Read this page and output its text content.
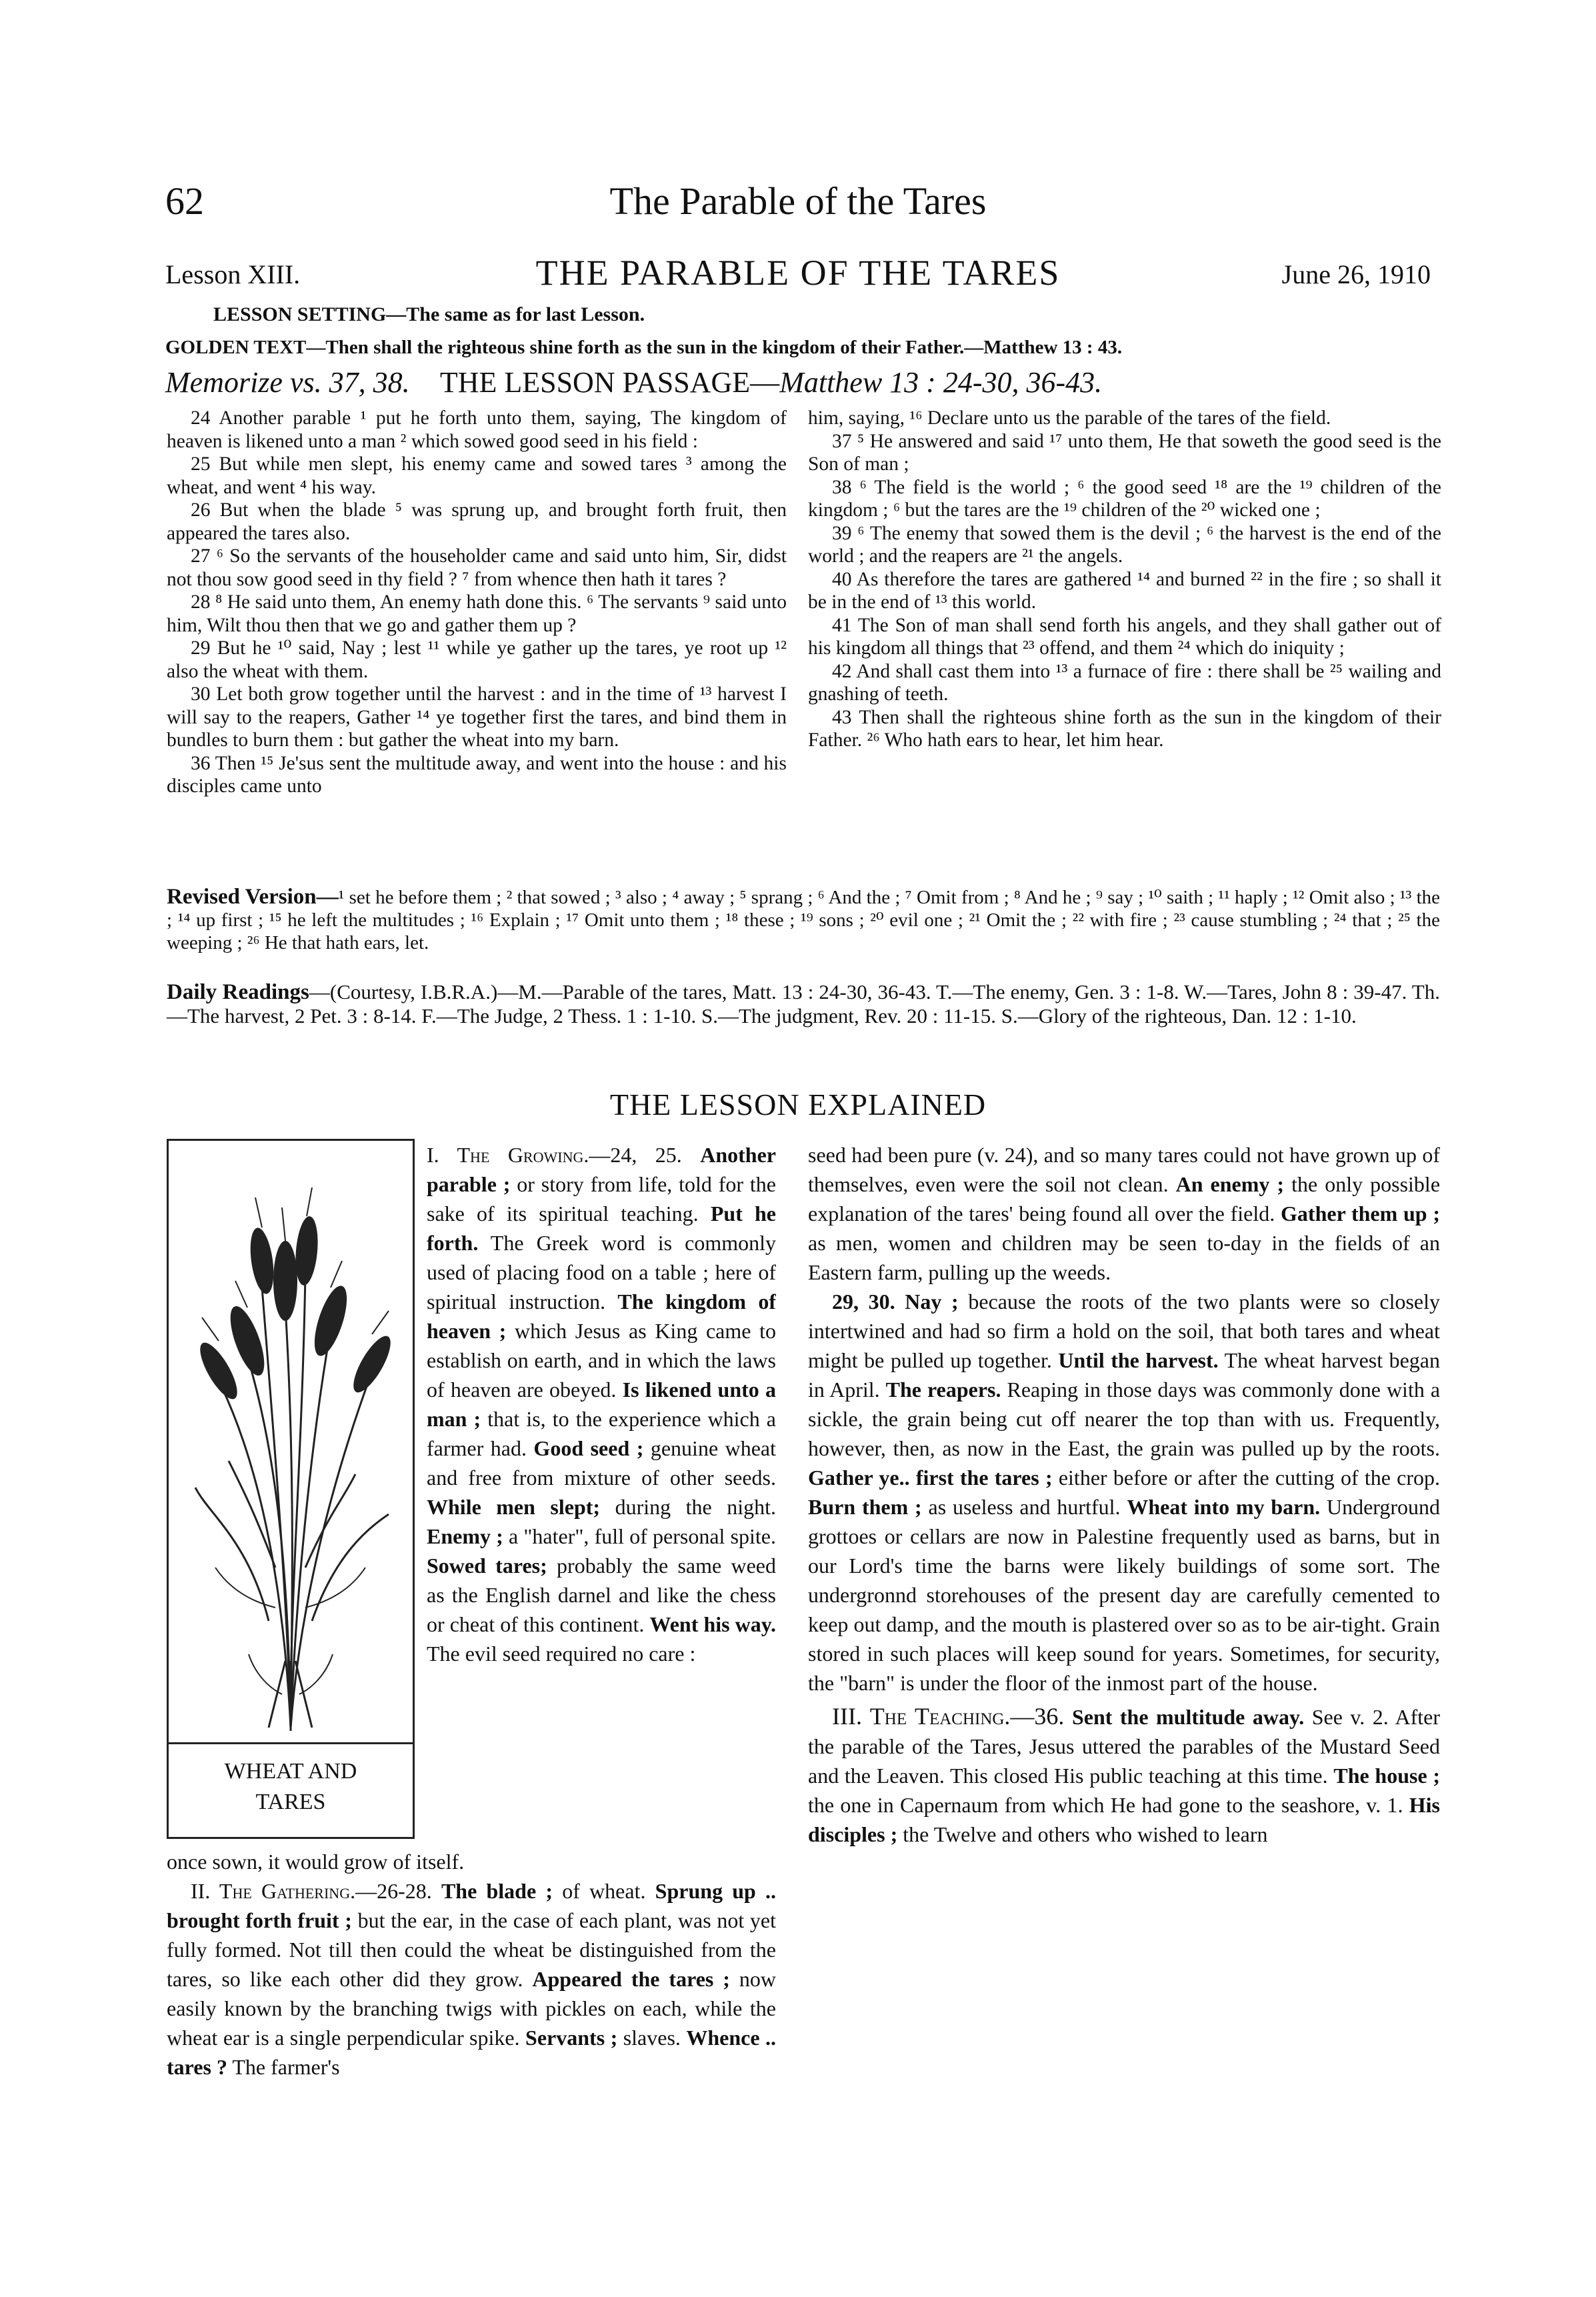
62	The Parable of the Tares
Lesson XIII.	THE PARABLE OF THE TARES	June 26, 1910
LESSON SETTING—The same as for last Lesson.
GOLDEN TEXT—Then shall the righteous shine forth as the sun in the kingdom of their Father.—Matthew 13 : 43.
Memorize vs. 37, 38. THE LESSON PASSAGE—Matthew 13 : 24-30, 36-43.

24 Another parable ¹ put he forth unto them, saying, The kingdom of heaven is likened unto a man ² which sowed good seed in his field :

25 But while men slept, his enemy came and sowed tares ³ among the wheat, and went ⁴ his way.

26 But when the blade ⁵ was sprung up, and brought forth fruit, then appeared the tares also.

27 ⁶ So the servants of the householder came and said unto him, Sir, didst not thou sow good seed in thy field ? ⁷ from whence then hath it tares ?

28 ⁸ He said unto them, An enemy hath done this. ⁶ The servants ⁹ said unto him, Wilt thou then that we go and gather them up ?

29 But he ¹⁰ said, Nay ; lest ¹¹ while ye gather up the tares, ye root up ¹² also the wheat with them.

30 Let both grow together until the harvest : and in the time of ¹³ harvest I will say to the reapers, Gather ¹⁴ ye together first the tares, and bind them in bundles to burn them : but gather the wheat into my barn.

36 Then ¹⁵ Je'sus sent the multitude away, and went into the house : and his disciples came unto

him, saying, ¹⁶ Declare unto us the parable of the tares of the field.

37 ⁵ He answered and said ¹⁷ unto them, He that soweth the good seed is the Son of man ;

38 ⁶ The field is the world ; ⁶ the good seed ¹⁸ are the ¹⁹ children of the kingdom ; ⁶ but the tares are the ¹⁹ children of the ²⁰ wicked one ;

39 ⁶ The enemy that sowed them is the devil ; ⁶ the harvest is the end of the world ; and the reapers are ²¹ the angels.

40 As therefore the tares are gathered ¹⁴ and burned ²² in the fire ; so shall it be in the end of ¹³ this world.

41 The Son of man shall send forth his angels, and they shall gather out of his kingdom all things that ²³ offend, and them ²⁴ which do iniquity ;

42 And shall cast them into ¹³ a furnace of fire : there shall be ²⁵ wailing and gnashing of teeth.

43 Then shall the righteous shine forth as the sun in the kingdom of their Father. ²⁶ Who hath ears to hear, let him hear.

Revised Version—¹ set he before them ; ² that sowed ; ³ also ; ⁴ away ; ⁵ sprang ; ⁶ And the ; ⁷ Omit from ; ⁸ And he ; ⁹ say ; ¹⁰ saith ; ¹¹ haply ; ¹² Omit also ; ¹³ the ; ¹⁴ up first ; ¹⁵ he left the multitudes ; ¹⁶ Explain ; ¹⁷ Omit unto them ; ¹⁸ these ; ¹⁹ sons ; ²⁰ evil one ; ²¹ Omit the ; ²² with fire ; ²³ cause stumbling ; ²⁴ that ; ²⁵ the weeping ; ²⁶ He that hath ears, let.
Daily Readings—(Courtesy, I.B.R.A.)—M.—Parable of the tares, Matt. 13 : 24-30, 36-43. T.—The enemy, Gen. 3 : 1-8. W.—Tares, John 8 : 39-47. Th.—The harvest, 2 Pet. 3 : 8-14. F.—The Judge, 2 Thess. 1 : 1-10. S.—The judgment, Rev. 20 : 11-15. S.—Glory of the righteous, Dan. 12 : 1-10.
THE LESSON EXPLAINED
WHEAT AND
TARES

I. The Growing.—24, 25. Another parable ; or story from life, told for the sake of its spiritual teaching. Put he forth. The Greek word is commonly used of placing food on a table ; here of spiritual instruction. The kingdom of heaven ; which Jesus as King came to establish on earth, and in which the laws of heaven are obeyed. Is likened unto a man ; that is, to the experience which a farmer had. Good seed ; genuine wheat and free from mixture of other seeds. While men slept; during the night. Enemy ; a "hater", full of personal spite. Sowed tares; probably the same weed as the English darnel and like the chess or cheat of this continent. Went his way. The evil seed required no care :

once sown, it would grow of itself.

II. The Gathering.—26-28. The blade ; of wheat. Sprung up .. brought forth fruit ; but the ear, in the case of each plant, was not yet fully formed. Not till then could the wheat be distinguished from the tares, so like each other did they grow. Appeared the tares ; now easily known by the branching twigs with pickles on each, while the wheat ear is a single perpendicular spike. Servants ; slaves. Whence .. tares ? The farmer's

seed had been pure (v. 24), and so many tares could not have grown up of themselves, even were the soil not clean. An enemy ; the only possible explanation of the tares' being found all over the field. Gather them up ; as men, women and children may be seen to-day in the fields of an Eastern farm, pulling up the weeds.

29, 30. Nay ; because the roots of the two plants were so closely intertwined and had so firm a hold on the soil, that both tares and wheat might be pulled up together. Until the harvest. The wheat harvest began in April. The reapers. Reaping in those days was commonly done with a sickle, the grain being cut off nearer the top than with us. Frequently, however, then, as now in the East, the grain was pulled up by the roots. Gather ye.. first the tares ; either before or after the cutting of the crop. Burn them ; as useless and hurtful. Wheat into my barn. Underground grottoes or cellars are now in Palestine frequently used as barns, but in our Lord's time the barns were likely buildings of some sort. The undergronnd storehouses of the present day are carefully cemented to keep out damp, and the mouth is plastered over so as to be air-tight. Grain stored in such places will keep sound for years. Sometimes, for security, the "barn" is under the floor of the inmost part of the house.

III. The Teaching.—36. Sent the multitude away. See v. 2. After the parable of the Tares, Jesus uttered the parables of the Mustard Seed and the Leaven. This closed His public teaching at this time. The house ; the one in Capernaum from which He had gone to the seashore, v. 1. His disciples ; the Twelve and others who wished to learn
